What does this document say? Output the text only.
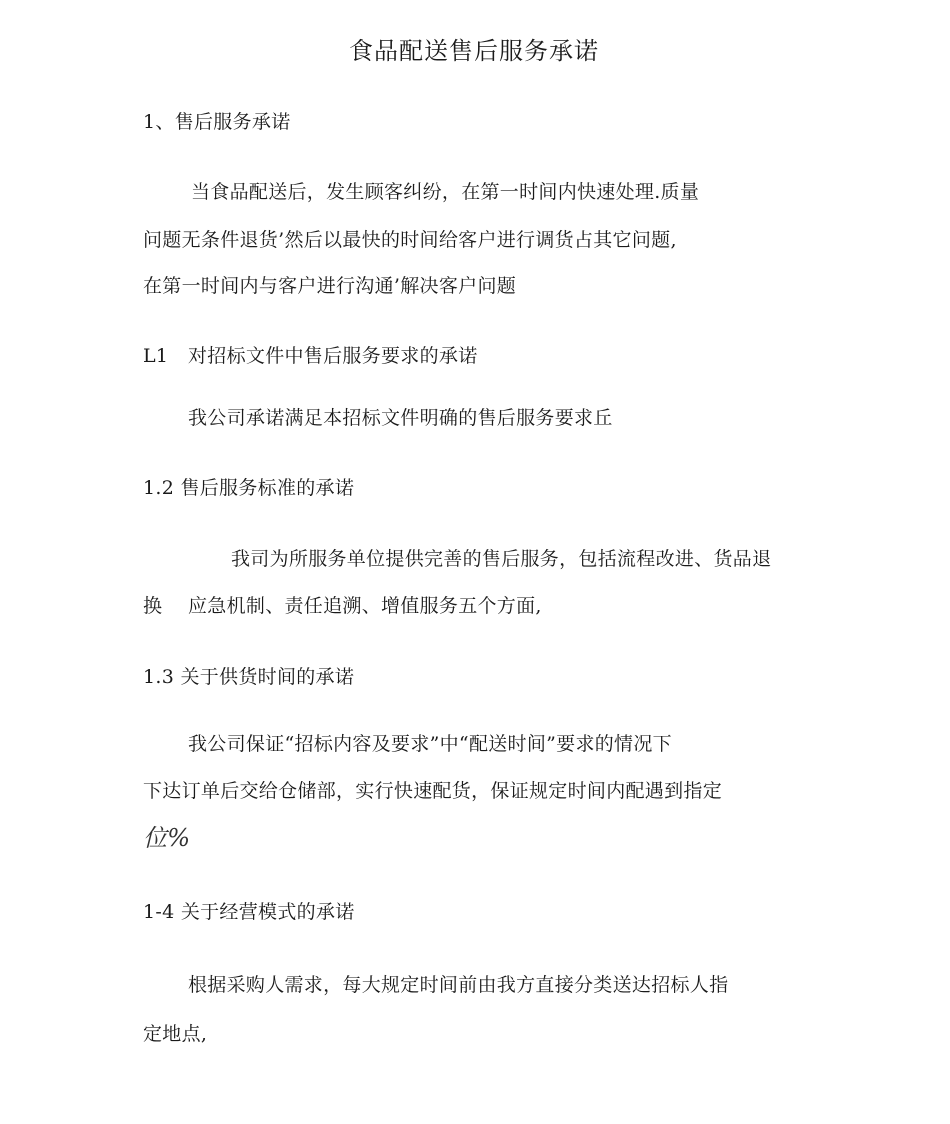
食品配送售后服务承诺
1、售后服务承诺
当食品配送后，发生顾客纠纷，在第一时间内快速处理.质量
问题无条件退货’然后以最快的时间给客户进行调货占其它问题,
在第一时间内与客户进行沟通’解决客户问题
L1 对招标文件中售后服务要求的承诺
我公司承诺满足本招标文件明确的售后服务要求丘
1.2 售后服务标准的承诺
我司为所服务单位提供完善的售后服务，包括流程改进、货品退
换 应急机制、责任追溯、增值服务五个方面,
1.3 关于供货时间的承诺
我公司保证“招标内容及要求”中“配送时间”要求的情况下
下达订单后交给仓储部，实行快速配货，保证规定时间内配遇到指定
位%
1-4 关于经营模式的承诺
根据采购人需求，每大规定时间前由我方直接分类送达招标人指
定地点,
